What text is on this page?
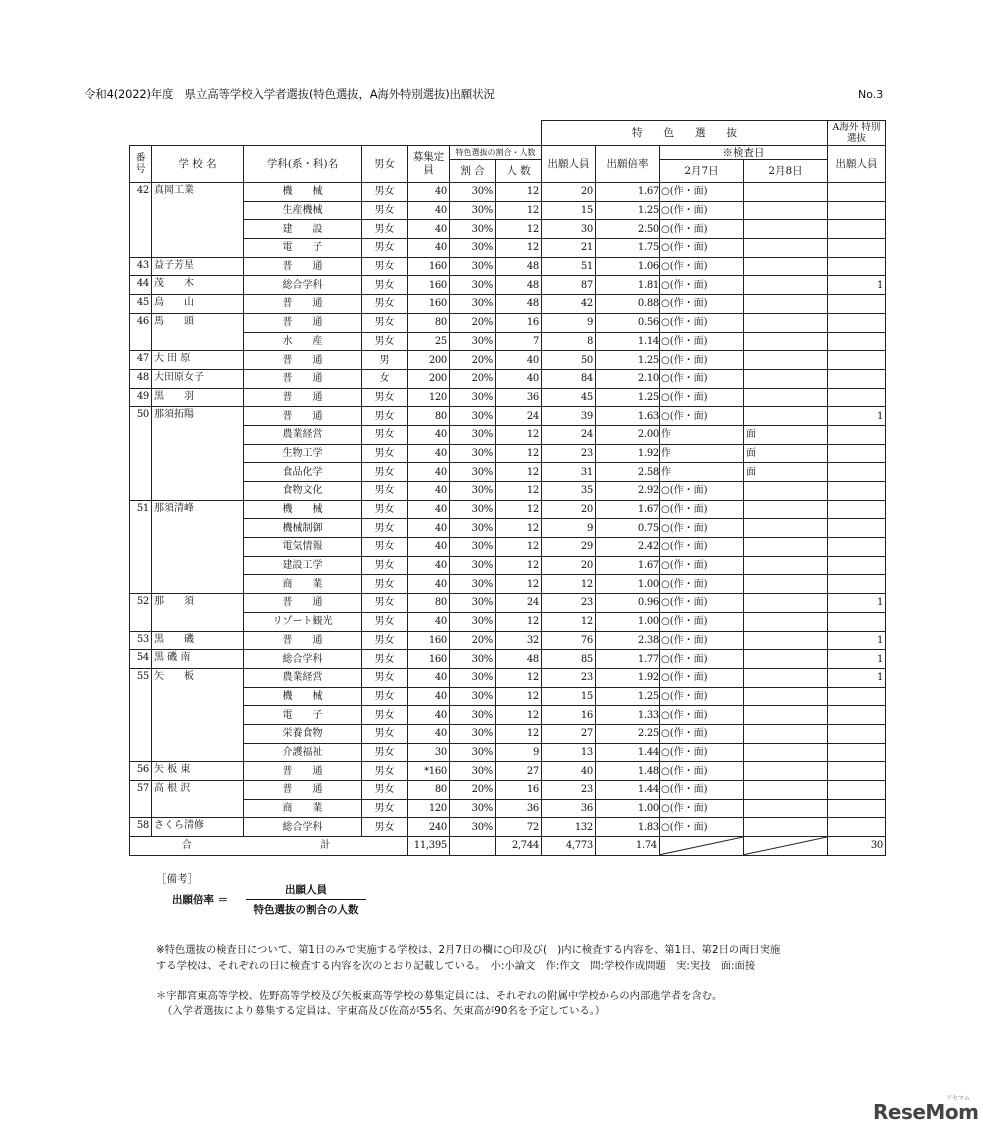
令和4(2022)年度　県立高等学校入学者選抜(特色選抜，A海外特別選抜)出願状況	No.3
							特　　色　　選　　抜				A海外 特別選抜
番号	学 校 名	学科(系・科)名	男女	募集定員	特色選抜の割合・人数		出願人員	出願倍率	※検査日		出願人員
					割 合	人 数			2月7日	2月8日	
42	真岡工業	機　　械	男女	40	30%	12	20	1.67	○(作・面)		
		生産機械	男女	40	30%	12	15	1.25	○(作・面)		
		建　　設	男女	40	30%	12	30	2.50	○(作・面)		
		電　　子	男女	40	30%	12	21	1.75	○(作・面)		
43	益子芳星	普　　通	男女	160	30%	48	51	1.06	○(作・面)		
44	茂　　木	総合学科	男女	160	30%	48	87	1.81	○(作・面)		1
45	烏　　山	普　　通	男女	160	30%	48	42	0.88	○(作・面)		
46	馬　　頭	普　　通	男女	80	20%	16	9	0.56	○(作・面)		
		水　　産	男女	25	30%	7	8	1.14	○(作・面)		
47	大 田 原	普　　通	男	200	20%	40	50	1.25	○(作・面)		
48	大田原女子	普　　通	女	200	20%	40	84	2.10	○(作・面)		
49	黒　　羽	普　　通	男女	120	30%	36	45	1.25	○(作・面)		
50	那須拓陽	普　　通	男女	80	30%	24	39	1.63	○(作・面)		1
		農業経営	男女	40	30%	12	24	2.00	作	面	
		生物工学	男女	40	30%	12	23	1.92	作	面	
		食品化学	男女	40	30%	12	31	2.58	作	面	
		食物文化	男女	40	30%	12	35	2.92	○(作・面)		
51	那須清峰	機　　械	男女	40	30%	12	20	1.67	○(作・面)		
		機械制御	男女	40	30%	12	9	0.75	○(作・面)		
		電気情報	男女	40	30%	12	29	2.42	○(作・面)		
		建設工学	男女	40	30%	12	20	1.67	○(作・面)		
		商　　業	男女	40	30%	12	12	1.00	○(作・面)		
52	那　　須	普　　通	男女	80	30%	24	23	0.96	○(作・面)		1
		リゾート観光	男女	40	30%	12	12	1.00	○(作・面)		
53	黒　　磯	普　　通	男女	160	20%	32	76	2.38	○(作・面)		1
54	黒 磯 南	総合学科	男女	160	30%	48	85	1.77	○(作・面)		1
55	矢　　板	農業経営	男女	40	30%	12	23	1.92	○(作・面)		1
		機　　械	男女	40	30%	12	15	1.25	○(作・面)		
		電　　子	男女	40	30%	12	16	1.33	○(作・面)		
		栄養食物	男女	40	30%	12	27	2.25	○(作・面)		
		介護福祉	男女	30	30%	9	13	1.44	○(作・面)		
56	矢 板 東	普　　通	男女	*160	30%	27	40	1.48	○(作・面)		
57	高 根 沢	普　　通	男女	80	20%	16	23	1.44	○(作・面)		
		商　　業	男女	120	30%	36	36	1.00	○(作・面)		
58	さくら清修	総合学科	男女	240	30%	72	132	1.83	○(作・面)		
合		計		11,395		2,744	4,773	1.74			30
［備考］
出願倍率 ＝
出願人員
特色選抜の割合の人数
※特色選抜の検査日について、第1日のみで実施する学校は、2月7日の欄に○印及び(　)内に検査する内容を、第1日、第2日の両日実施
する学校は、それぞれの日に検査する内容を次のとおり記載している。　小:小論文　作:作文　問:学校作成問題　実:実技　面:面接
＊宇都宮東高等学校、佐野高等学校及び矢板東高等学校の募集定員には、それぞれの附属中学校からの内部進学者を含む。
（入学者選抜により募集する定員は、宇東高及び佐高が55名、矢東高が90名を予定している。）
リセマム
ReseMom
